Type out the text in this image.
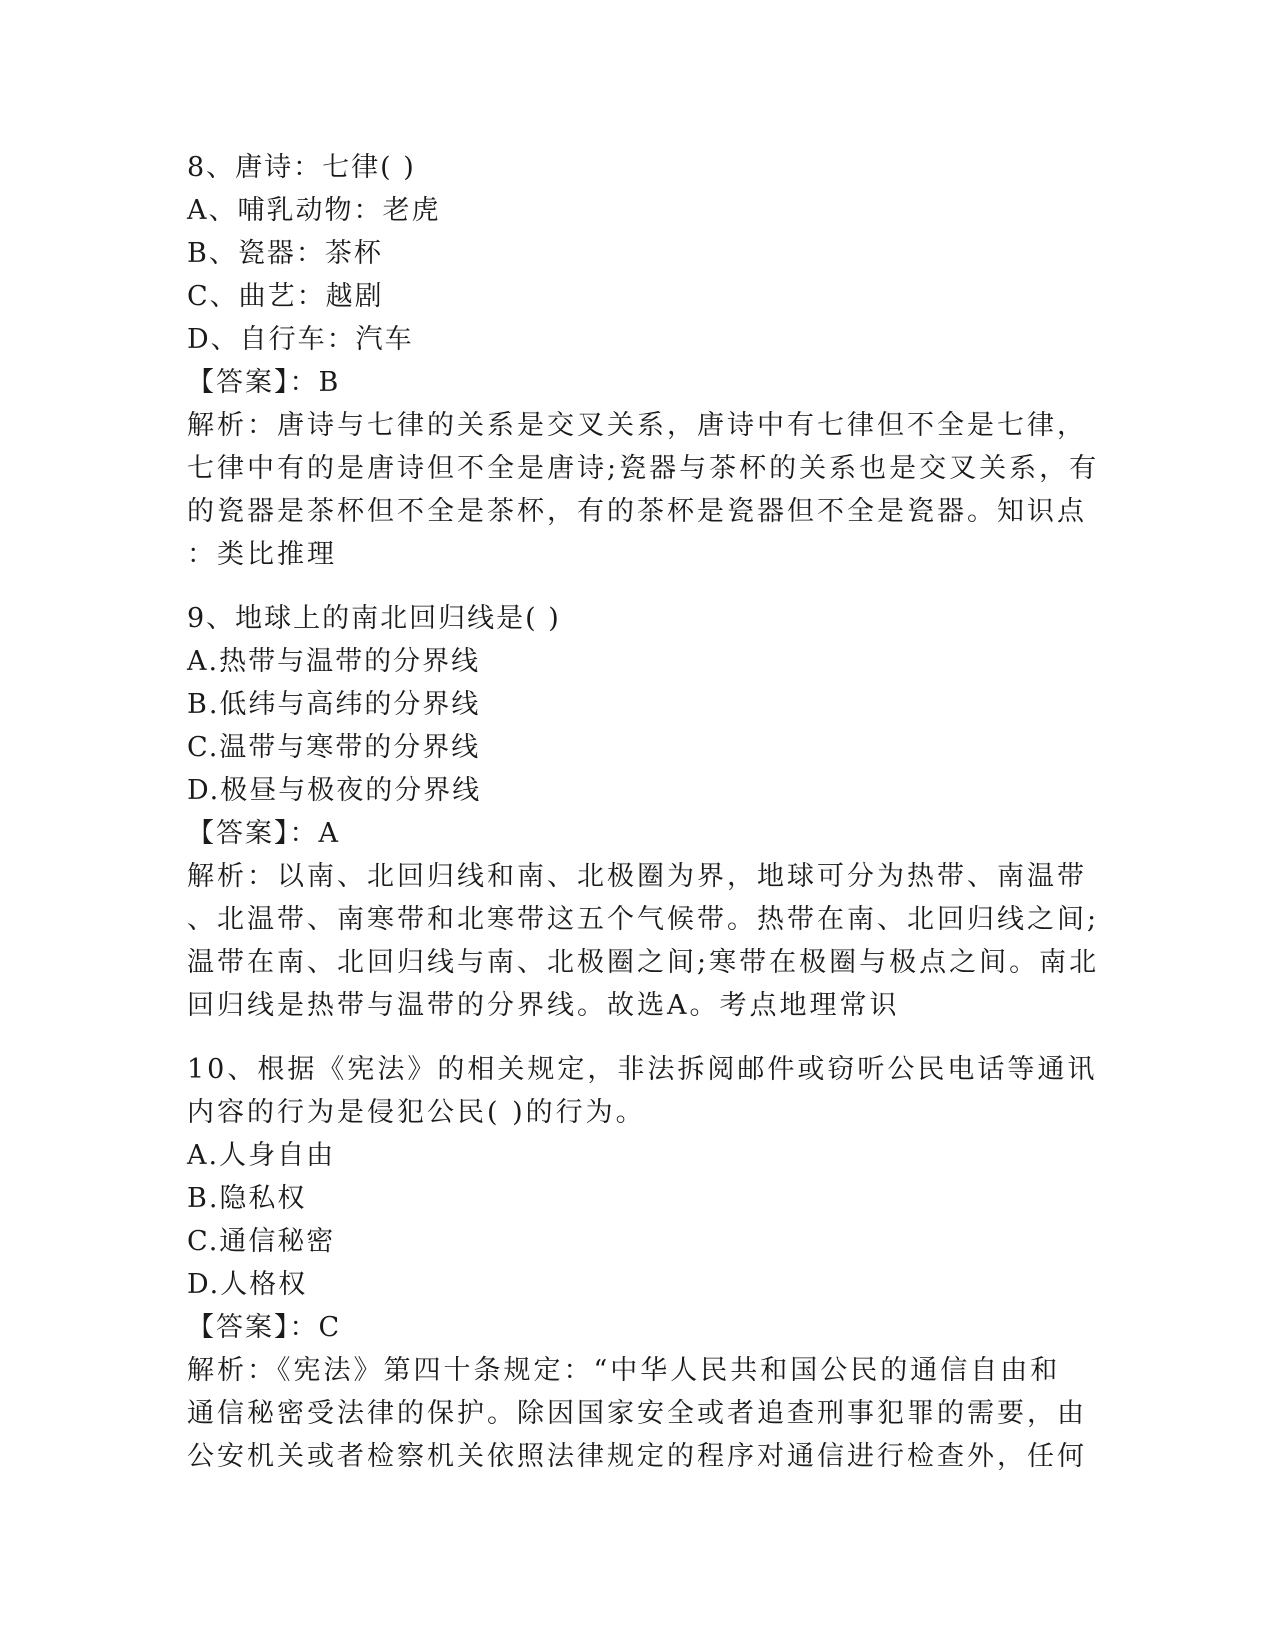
8、唐诗：七律( )
A、哺乳动物：老虎
B、瓷器：茶杯
C、曲艺：越剧
D、自行车：汽车
【答案】：B
解析：唐诗与七律的关系是交叉关系，唐诗中有七律但不全是七律，
七律中有的是唐诗但不全是唐诗;瓷器与茶杯的关系也是交叉关系，有
的瓷器是茶杯但不全是茶杯，有的茶杯是瓷器但不全是瓷器。知识点
：类比推理
9、地球上的南北回归线是( )
A.热带与温带的分界线
B.低纬与高纬的分界线
C.温带与寒带的分界线
D.极昼与极夜的分界线
【答案】：A
解析：以南、北回归线和南、北极圈为界，地球可分为热带、南温带
、北温带、南寒带和北寒带这五个气候带。热带在南、北回归线之间;
温带在南、北回归线与南、北极圈之间;寒带在极圈与极点之间。南北
回归线是热带与温带的分界线。故选A。考点地理常识
10、根据《宪法》的相关规定，非法拆阅邮件或窃听公民电话等通讯
内容的行为是侵犯公民( )的行为。
A.人身自由
B.隐私权
C.通信秘密
D.人格权
【答案】：C
解析：《宪法》第四十条规定：“中华人民共和国公民的通信自由和
通信秘密受法律的保护。除因国家安全或者追查刑事犯罪的需要，由
公安机关或者检察机关依照法律规定的程序对通信进行检查外，任何
